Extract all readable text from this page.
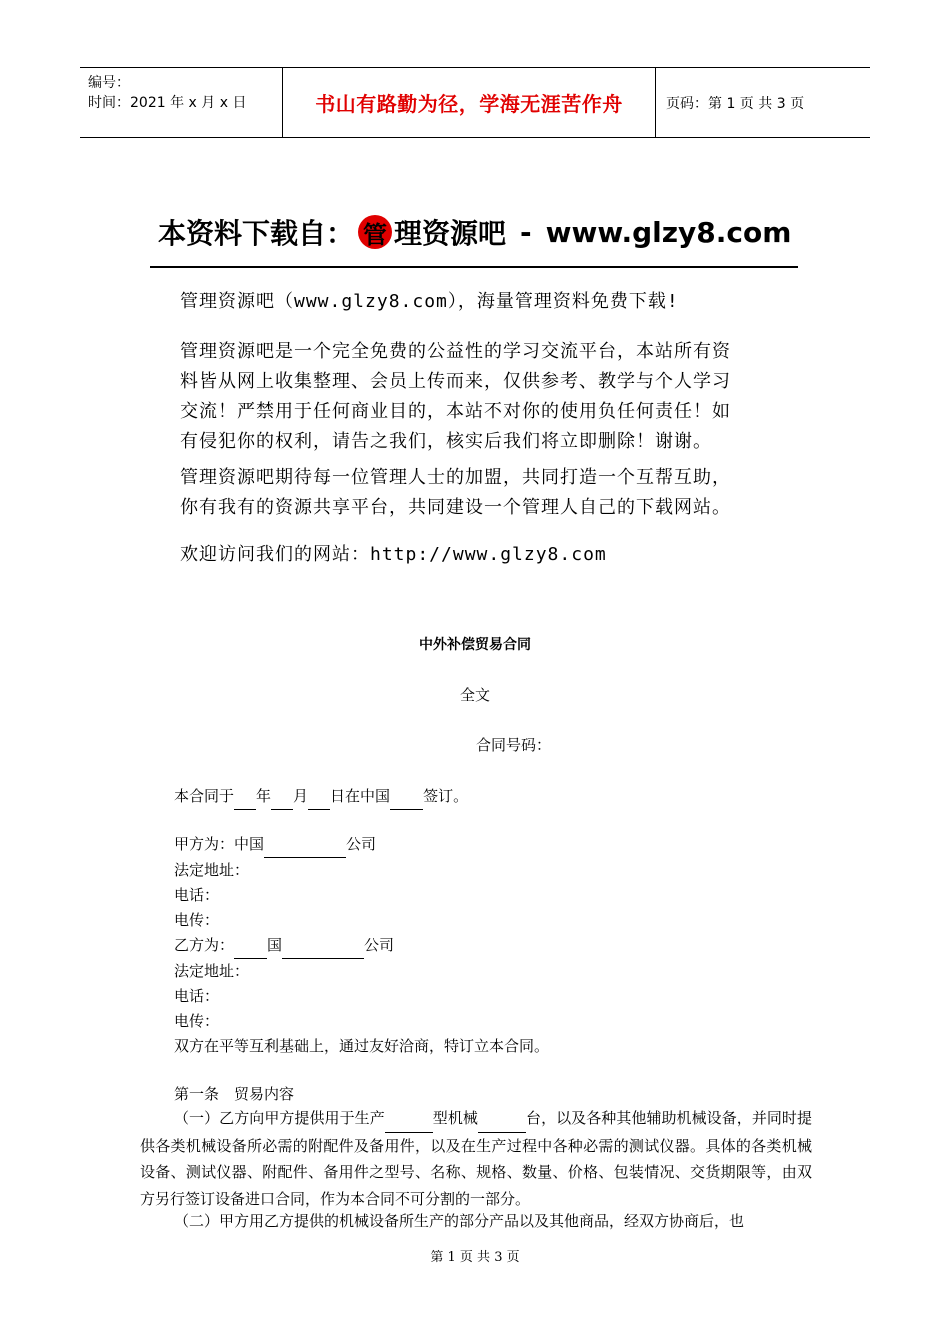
编号：
时间：2021 年 x 月 x 日	书山有路勤为径，学海无涯苦作舟	页码：第 1 页 共 3 页
本资料下载自： 管 理资源吧 - www.glzy8.com
管理资源吧（www.glzy8.com），海量管理资料免费下载!
管理资源吧是一个完全免费的公益性的学习交流平台，本站所有资
料皆从网上收集整理、会员上传而来，仅供参考、教学与个人学习
交流！严禁用于任何商业目的，本站不对你的使用负任何责任！如
有侵犯你的权利，请告之我们，核实后我们将立即删除！谢谢。
管理资源吧期待每一位管理人士的加盟，共同打造一个互帮互助，
你有我有的资源共享平台，共同建设一个管理人自己的下载网站。
欢迎访问我们的网站：http://www.glzy8.com
中外补偿贸易合同
全文
合同号码：
本合同于 年 月 日在中国 签订。
甲方为：中国	公司
法定地址：
电话：
电传：
乙方为： 国	公司
法定地址：
电话：
电传：
双方在平等互利基础上，通过友好洽商，特订立本合同。
第一条　贸易内容
（一）乙方向甲方提供用于生产	型机械	台，以及各种其他辅助机械设备，并同时提供各类机械设备所必需的附配件及备用件，以及在生产过程中各种必需的测试仪器。具体的各类机械设备、测试仪器、附配件、备用件之型号、名称、规格、数量、价格、包装情况、交货期限等，由双方另行签订设备进口合同，作为本合同不可分割的一部分。
（二）甲方用乙方提供的机械设备所生产的部分产品以及其他商品，经双方协商后，也
第 1 页 共 3 页
